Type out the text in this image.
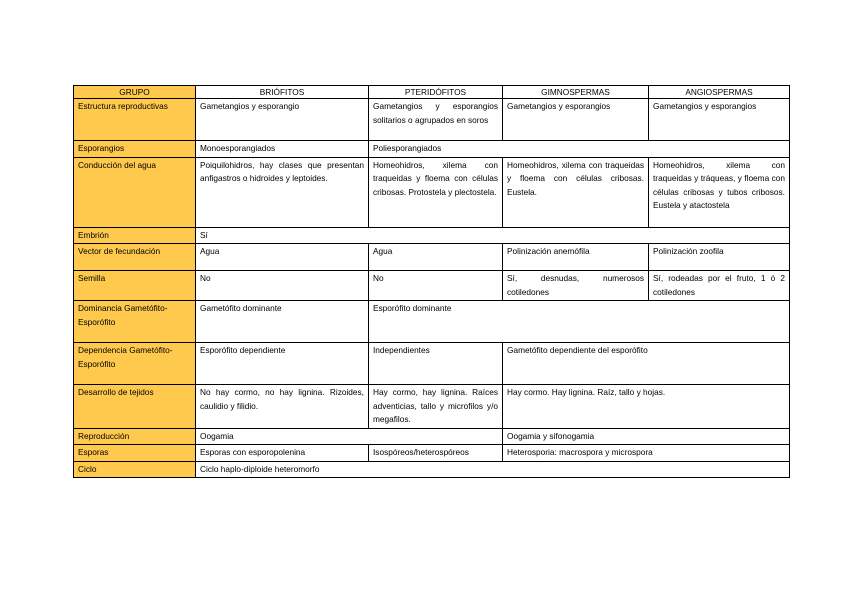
GRUPO	BRIÓFITOS	PTERIDÓFITOS	GIMNOSPERMAS	ANGIOSPERMAS
Estructura reproductivas	Gametangios y esporangio	Gametangios y esporangios solitarios o agrupados en soros	Gametangios y esporangios	Gametangios y esporangios
Esporangios	Monoesporangiados	Poliesporangiados		
Conducción del agua	Poiquilohidros, hay clases que presentan anfigastros o hidroides y leptoides.	Homeohidros, xilema con traqueidas y floema con células cribosas. Protostela y plectostela.	Homeohidros, xilema con traqueidas y floema con células cribosas. Eustela.	Homeohidros, xilema con traqueidas y tráqueas, y floema con células cribosas y tubos cribosos. Eustela y atactostela
Embrión	Sí			
Vector de fecundación	Agua	Agua	Polinización anemófila	Polinización zoofila
Semilla	No	No	Sí, desnudas, numerosos cotiledones	Sí, rodeadas por el fruto, 1 ó 2 cotiledones
Dominancia Gametófito-Esporófito	Gametófito dominante	Esporófito dominante		
Dependencia Gametófito-Esporófito	Esporófito dependiente	Independientes	Gametófito dependiente del esporófito	
Desarrollo de tejidos	No hay cormo, no hay lignina. Rizoides, caulidio y filidio.	Hay cormo, hay lignina. Raíces adventicias, tallo y microfilos y/o megafilos.	Hay cormo. Hay lignina. Raíz, tallo y hojas.	
Reproducción	Oogamia		Oogamia y sifonogamia	
Esporas	Esporas con esporopolenina	Isospóreos/heterospóreos	Heterosporia: macrospora y microspora	
Ciclo	Ciclo haplo-diploide heteromorfo			
